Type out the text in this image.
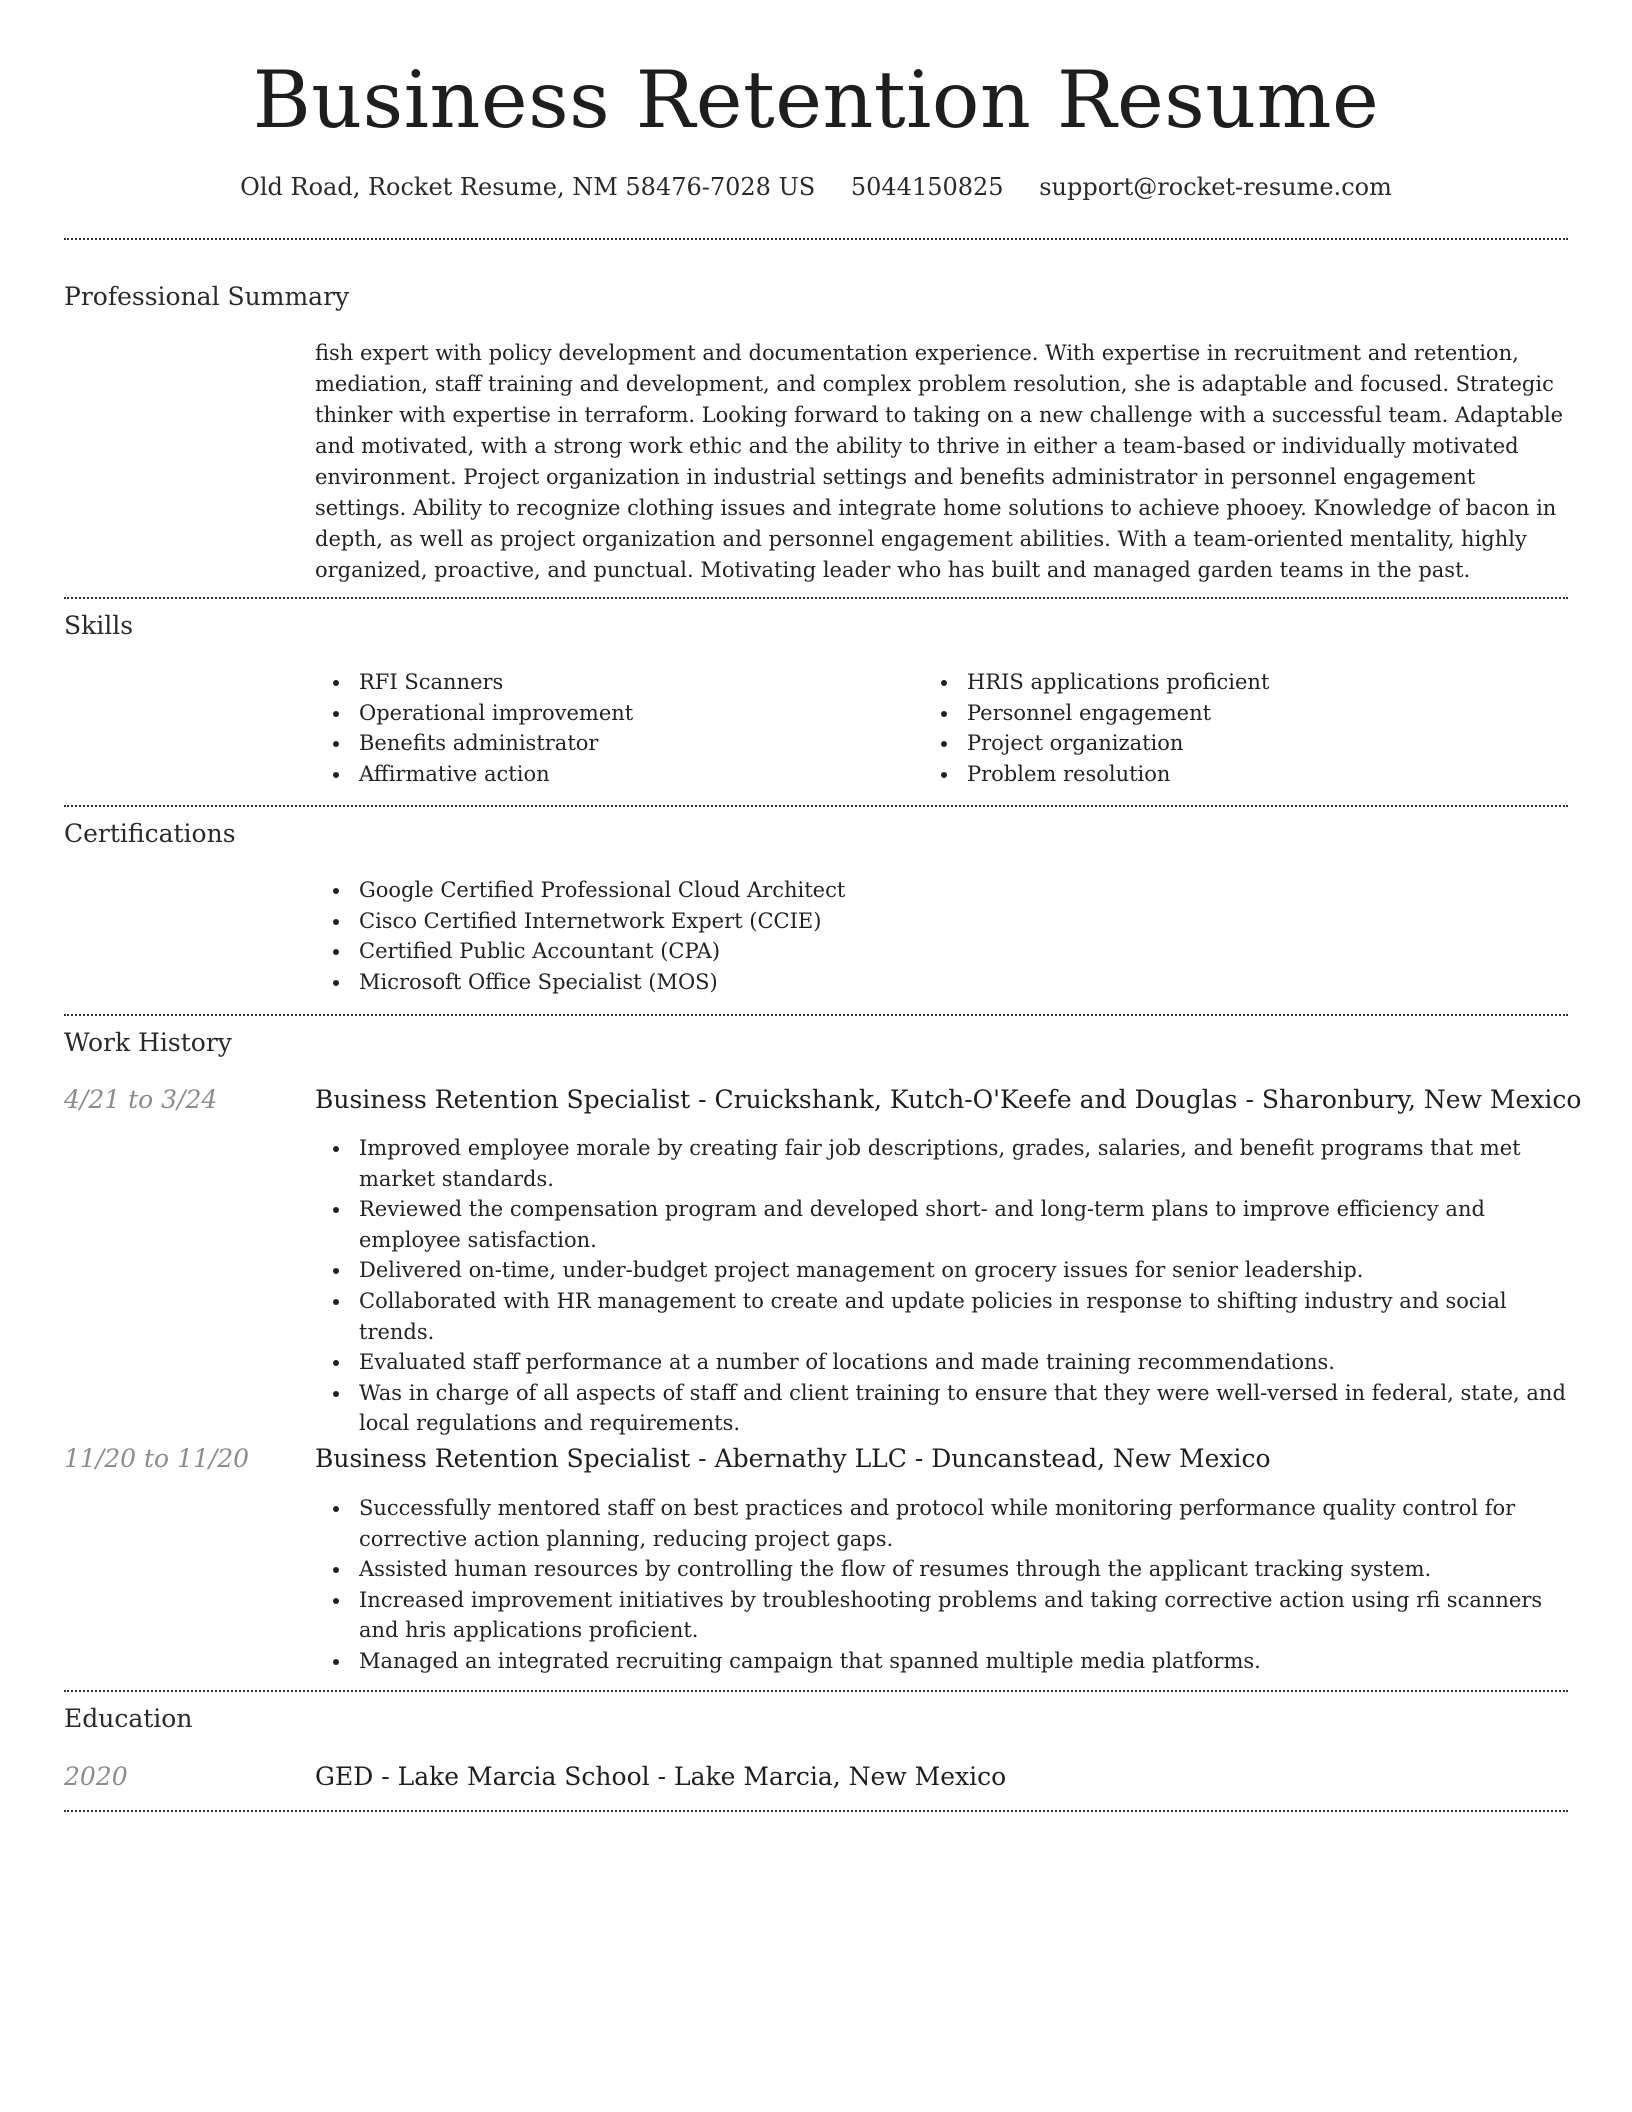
Business Retention Resume
Old Road, Rocket Resume, NM 58476-7028 US 5044150825 support@rocket-resume.com
Professional Summary
fish expert with policy development and documentation experience. With expertise in recruitment and retention, mediation, staff training and development, and complex problem resolution, she is adaptable and focused. Strategic thinker with expertise in terraform. Looking forward to taking on a new challenge with a successful team. Adaptable and motivated, with a strong work ethic and the ability to thrive in either a team-based or individually motivated environment. Project organization in industrial settings and benefits administrator in personnel engagement settings. Ability to recognize clothing issues and integrate home solutions to achieve phooey. Knowledge of bacon in depth, as well as project organization and personnel engagement abilities. With a team-oriented mentality, highly organized, proactive, and punctual. Motivating leader who has built and managed garden teams in the past.
Skills
RFI Scanners
Operational improvement
Benefits administrator
Affirmative action
HRIS applications proficient
Personnel engagement
Project organization
Problem resolution
Certifications
Google Certified Professional Cloud Architect
Cisco Certified Internetwork Expert (CCIE)
Certified Public Accountant (CPA)
Microsoft Office Specialist (MOS)
Work History
4/21 to 3/24	Business Retention Specialist - Cruickshank, Kutch-O'Keefe and Douglas - Sharonbury, New Mexico
Improved employee morale by creating fair job descriptions, grades, salaries, and benefit programs that met market standards.
Reviewed the compensation program and developed short- and long-term plans to improve efficiency and employee satisfaction.
Delivered on-time, under-budget project management on grocery issues for senior leadership.
Collaborated with HR management to create and update policies in response to shifting industry and social trends.
Evaluated staff performance at a number of locations and made training recommendations.
Was in charge of all aspects of staff and client training to ensure that they were well-versed in federal, state, and local regulations and requirements.
11/20 to 11/20	Business Retention Specialist - Abernathy LLC - Duncanstead, New Mexico
Successfully mentored staff on best practices and protocol while monitoring performance quality control for corrective action planning, reducing project gaps.
Assisted human resources by controlling the flow of resumes through the applicant tracking system.
Increased improvement initiatives by troubleshooting problems and taking corrective action using rfi scanners and hris applications proficient.
Managed an integrated recruiting campaign that spanned multiple media platforms.
Education
2020	GED - Lake Marcia School - Lake Marcia, New Mexico
